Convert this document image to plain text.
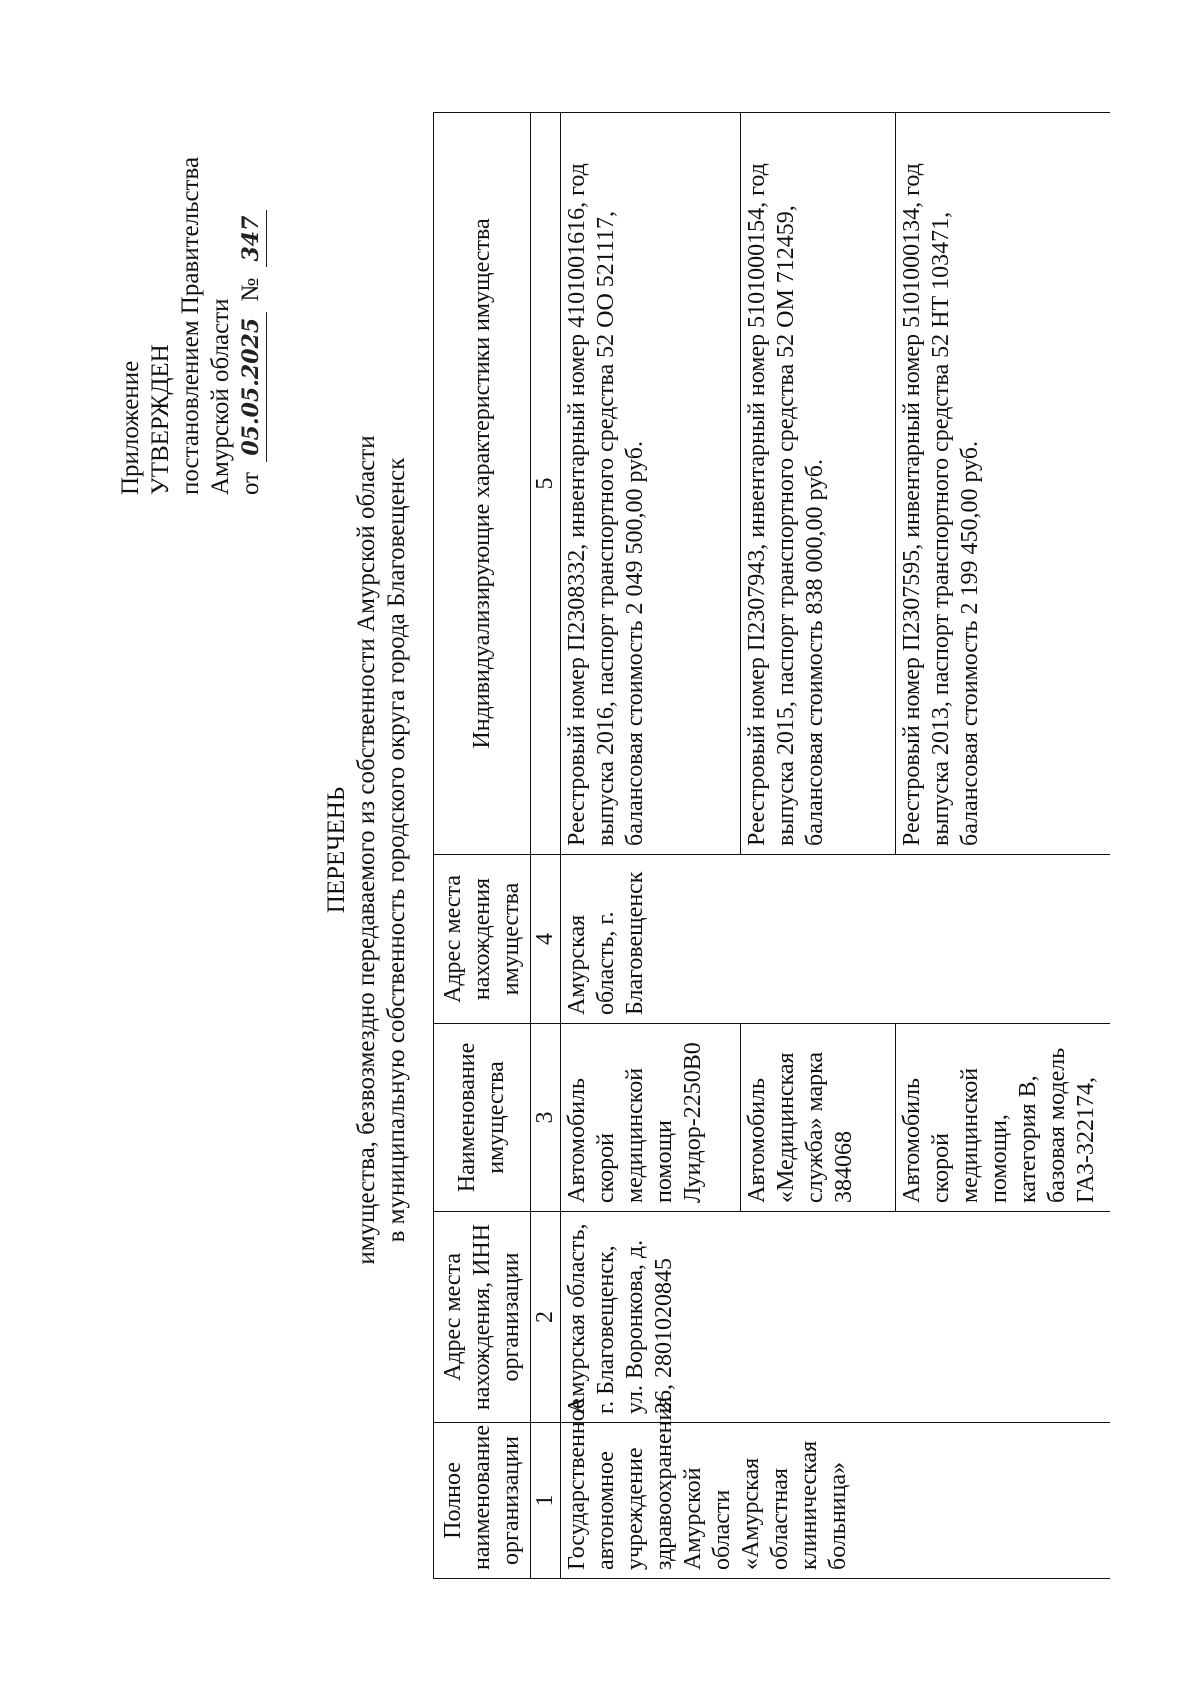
Приложение УТВЕРЖДЕН постановлением Правительства Амурской области от 05.05.2025 № 347
ПЕРЕЧЕНЬ имущества, безвозмездно передаваемого из собственности Амурской области в муниципальную собственность городского округа города Благовещенск
Полное наименование организации	Адрес места нахождения, ИНН организации	Наименование имущества	Адрес места нахождения имущества	Индивидуализирующие характеристики имущества
1	2	3	4	5
Государственное автономное учреждение здравоохранения Амурской области «Амурская областная клиническая больница»	Амурская область, г. Благовещенск, ул. Воронкова, д. 26, 2801020845	Автомобиль скорой медицинской помощи Луидор-2250В0	Амурская область, г. Благовещенск	Реестровый номер П2308332, инвентарный номер 4101001616, год выпуска 2016, паспорт транспортного средства 52 ОО 521117, балансовая стоимость 2 049 500,00 руб.
		Автомобиль «Медицинская служба» марка 384068		Реестровый номер П2307943, инвентарный номер 5101000154, год выпуска 2015, паспорт транспортного средства 52 ОМ 712459, балансовая стоимость 838 000,00 руб.
		Автомобиль скорой медицинской помощи, категория В, базовая модель ГАЗ-322174,		Реестровый номер П2307595, инвентарный номер 5101000134, год выпуска 2013, паспорт транспортного средства 52 НТ 103471, балансовая стоимость 2 199 450,00 руб.
